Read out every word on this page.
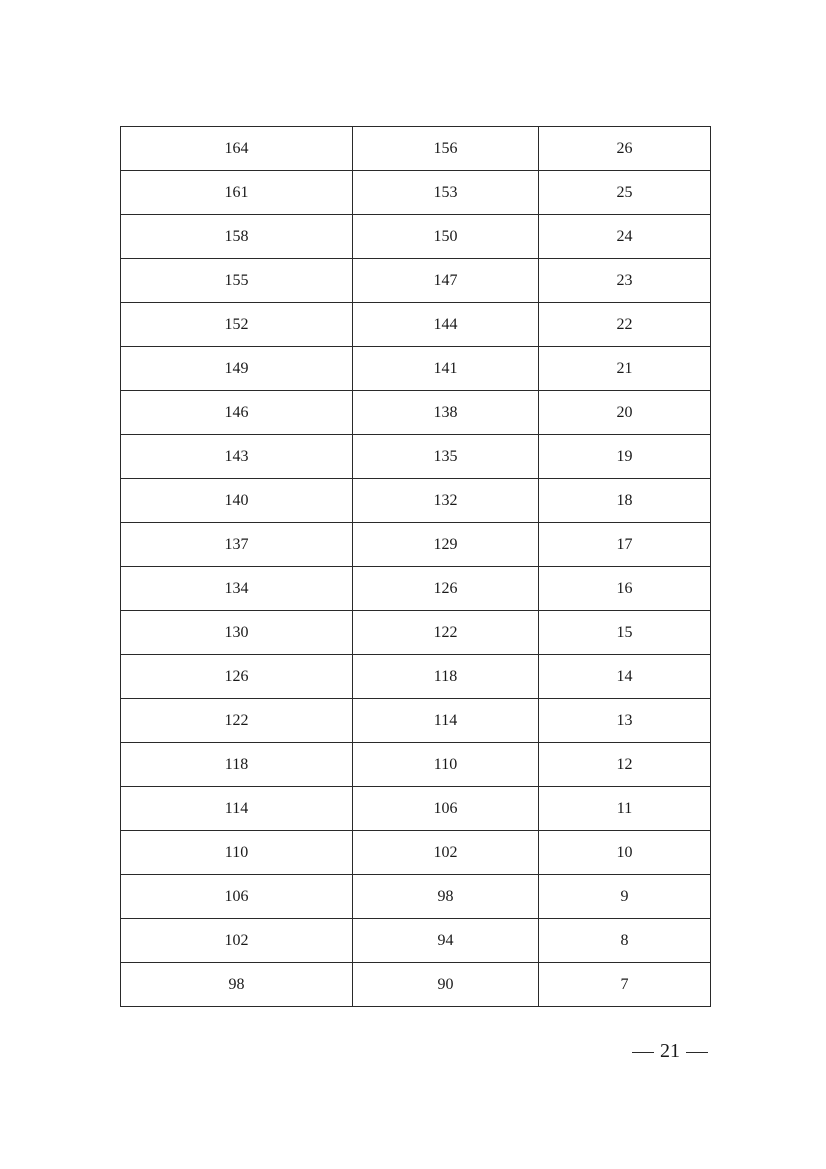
164	156	26
161	153	25
158	150	24
155	147	23
152	144	22
149	141	21
146	138	20
143	135	19
140	132	18
137	129	17
134	126	16
130	122	15
126	118	14
122	114	13
118	110	12
114	106	11
110	102	10
106	98	9
102	94	8
98	90	7
21
